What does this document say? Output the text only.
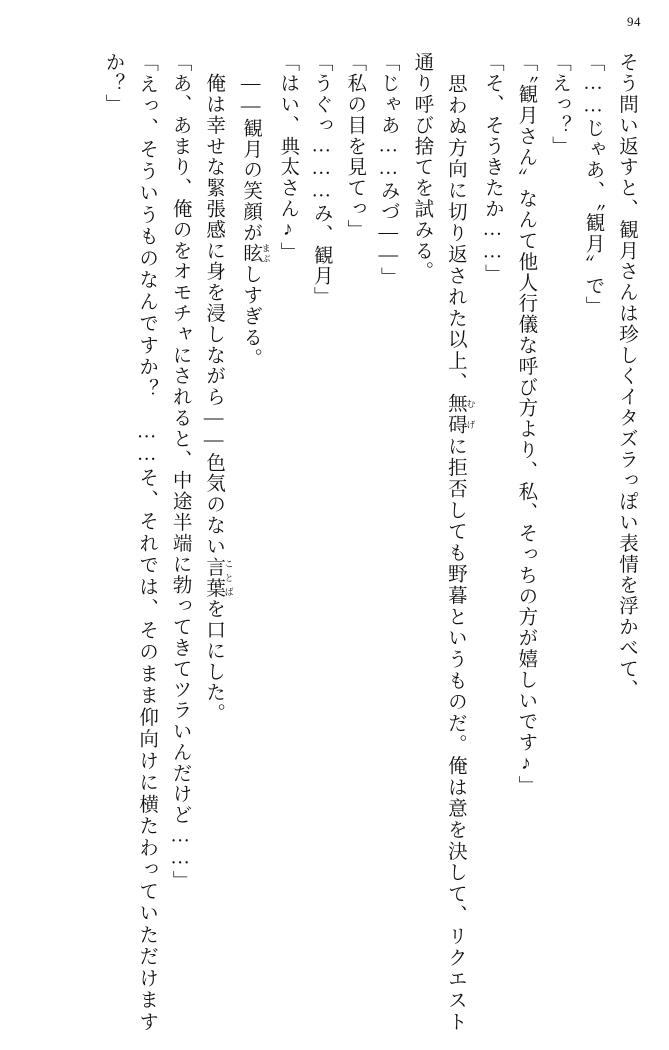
94

そう問い返すと、観月さんは珍しくイタズラっぽい表情を浮かべて、

「……じゃあ、〝観月〟で」

「えっ？」

「〝観月さん〟なんて他人行儀な呼び方より、私、そっちの方が嬉しいです♪」

「そ、そうきたか……」

　思わぬ方向に切り返された以上、無碍 むげに拒否しても野暮というものだ。俺は意を決して、リクエスト通り呼び捨てを試みる。

「じゃあ……みづ――」

「私の目を見てっ」

「うぐっ………み、観月」

「はい、典太さん♪」

　――観月の笑顔が眩 まぶしすぎる。

　俺は幸せな緊張感に身を浸しながら――色気のない言葉 ことばを口にした。

「あ、あまり、俺のをオモチャにされると、中途半端に勃ってきてツラいんだけど……」

「えっ、そういうものなんですか？　……そ、それでは、そのまま仰向けに横たわっていただけますか？」
